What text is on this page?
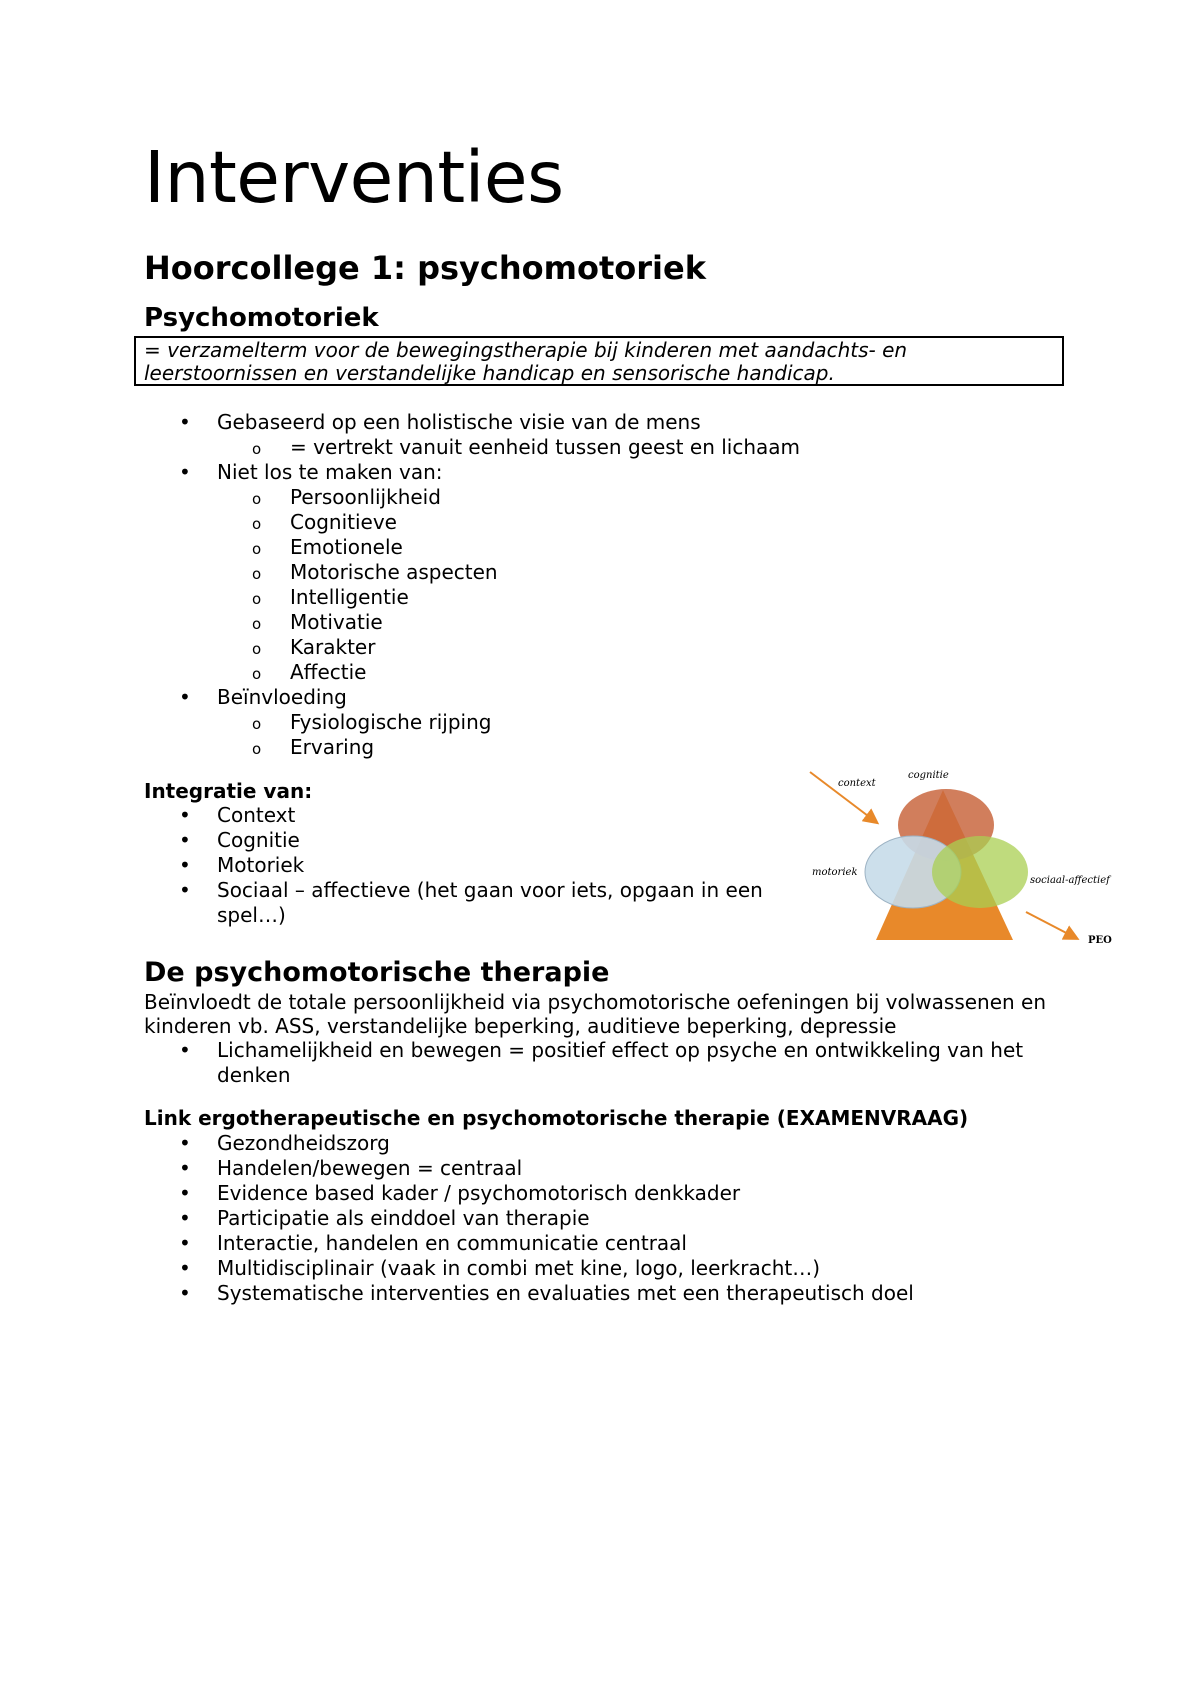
Interventies
Hoorcollege 1: psychomotoriek
Psychomotoriek
= verzamelterm voor de bewegingstherapie bij kinderen met aandachts- en
leerstoornissen en verstandelijke handicap en sensorische handicap.
• Gebaseerd op een holistische visie van de mens
o = vertrekt vanuit eenheid tussen geest en lichaam
• Niet los te maken van:
o Persoonlijkheid
o Cognitieve
o Emotionele
o Motorische aspecten
o Intelligentie
o Motivatie
o Karakter
o Affectie
• Beïnvloeding
o Fysiologische rijping
o Ervaring
Integratie van:
• Context
• Cognitie
• Motoriek
• Sociaal – affectieve (het gaan voor iets, opgaan in een
spel…)
De psychomotorische therapie
Beïnvloedt de totale persoonlijkheid via psychomotorische oefeningen bij volwassenen en
kinderen vb. ASS, verstandelijke beperking, auditieve beperking, depressie
• Lichamelijkheid en bewegen = positief effect op psyche en ontwikkeling van het
denken
Link ergotherapeutische en psychomotorische therapie (EXAMENVRAAG)
• Gezondheidszorg
• Handelen/bewegen = centraal
• Evidence based kader / psychomotorisch denkkader
• Participatie als einddoel van therapie
• Interactie, handelen en communicatie centraal
• Multidisciplinair (vaak in combi met kine, logo, leerkracht…)
• Systematische interventies en evaluaties met een therapeutisch doel
context
cognitie
motoriek
sociaal-affectief
PEO
